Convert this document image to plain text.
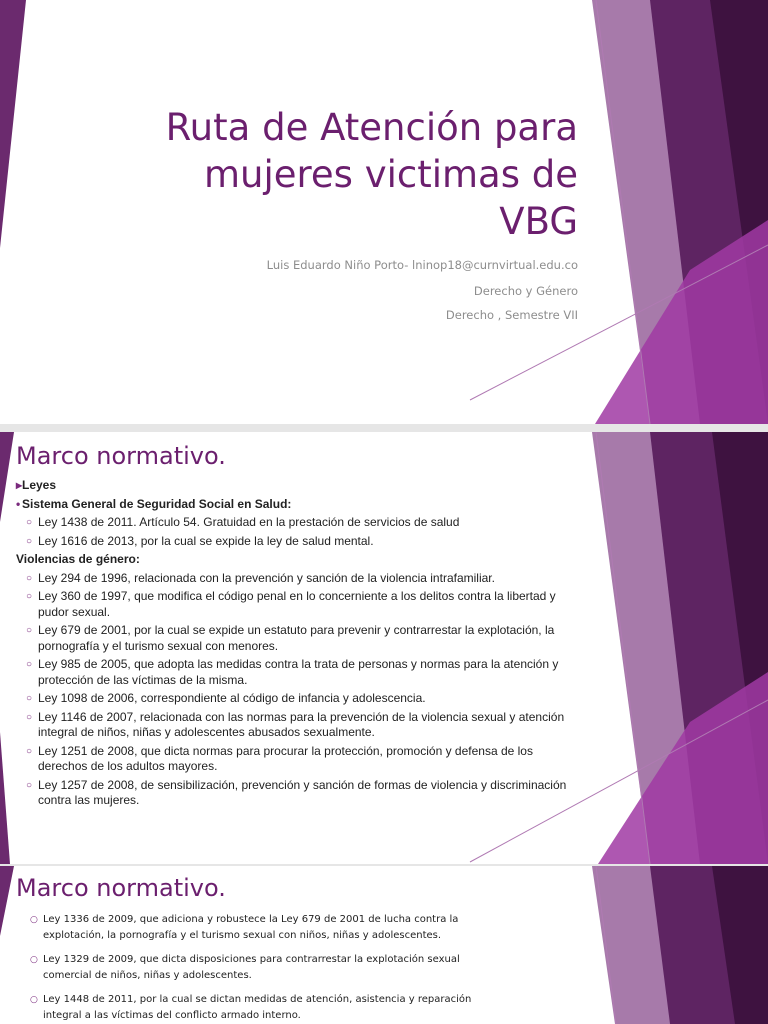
Ruta de Atención para
mujeres victimas de
VBG
Luis Eduardo Niño Porto- lninop18@curnvirtual.edu.co
Derecho y Género
Derecho , Semestre VII
Marco normativo.
▸ Leyes
• Sistema General de Seguridad Social en Salud:
○ Ley 1438 de 2011. Artículo 54. Gratuidad en la prestación de servicios de salud
○ Ley 1616 de 2013, por la cual se expide la ley de salud mental.
Violencias de género:
○ Ley 294 de 1996, relacionada con la prevención y sanción de la violencia intrafamiliar.
○ Ley 360 de 1997, que modifica el código penal en lo concerniente a los delitos contra la libertad y pudor sexual.
○ Ley 679 de 2001, por la cual se expide un estatuto para prevenir y contrarrestar la explotación, la pornografía y el turismo sexual con menores.
○ Ley 985 de 2005, que adopta las medidas contra la trata de personas y normas para la atención y protección de las víctimas de la misma.
○ Ley 1098 de 2006, correspondiente al código de infancia y adolescencia.
○ Ley 1146 de 2007, relacionada con las normas para la prevención de la violencia sexual y atención integral de niños, niñas y adolescentes abusados sexualmente.
○ Ley 1251 de 2008, que dicta normas para procurar la protección, promoción y defensa de los derechos de los adultos mayores.
○ Ley 1257 de 2008, de sensibilización, prevención y sanción de formas de violencia y discriminación contra las mujeres.
Marco normativo.
○ Ley 1336 de 2009, que adiciona y robustece la Ley 679 de 2001 de lucha contra la explotación, la pornografía y el turismo sexual con niños, niñas y adolescentes.
○ Ley 1329 de 2009, que dicta disposiciones para contrarrestar la explotación sexual comercial de niños, niñas y adolescentes.
○ Ley 1448 de 2011, por la cual se dictan medidas de atención, asistencia y reparación integral a las víctimas del conflicto armado interno.
